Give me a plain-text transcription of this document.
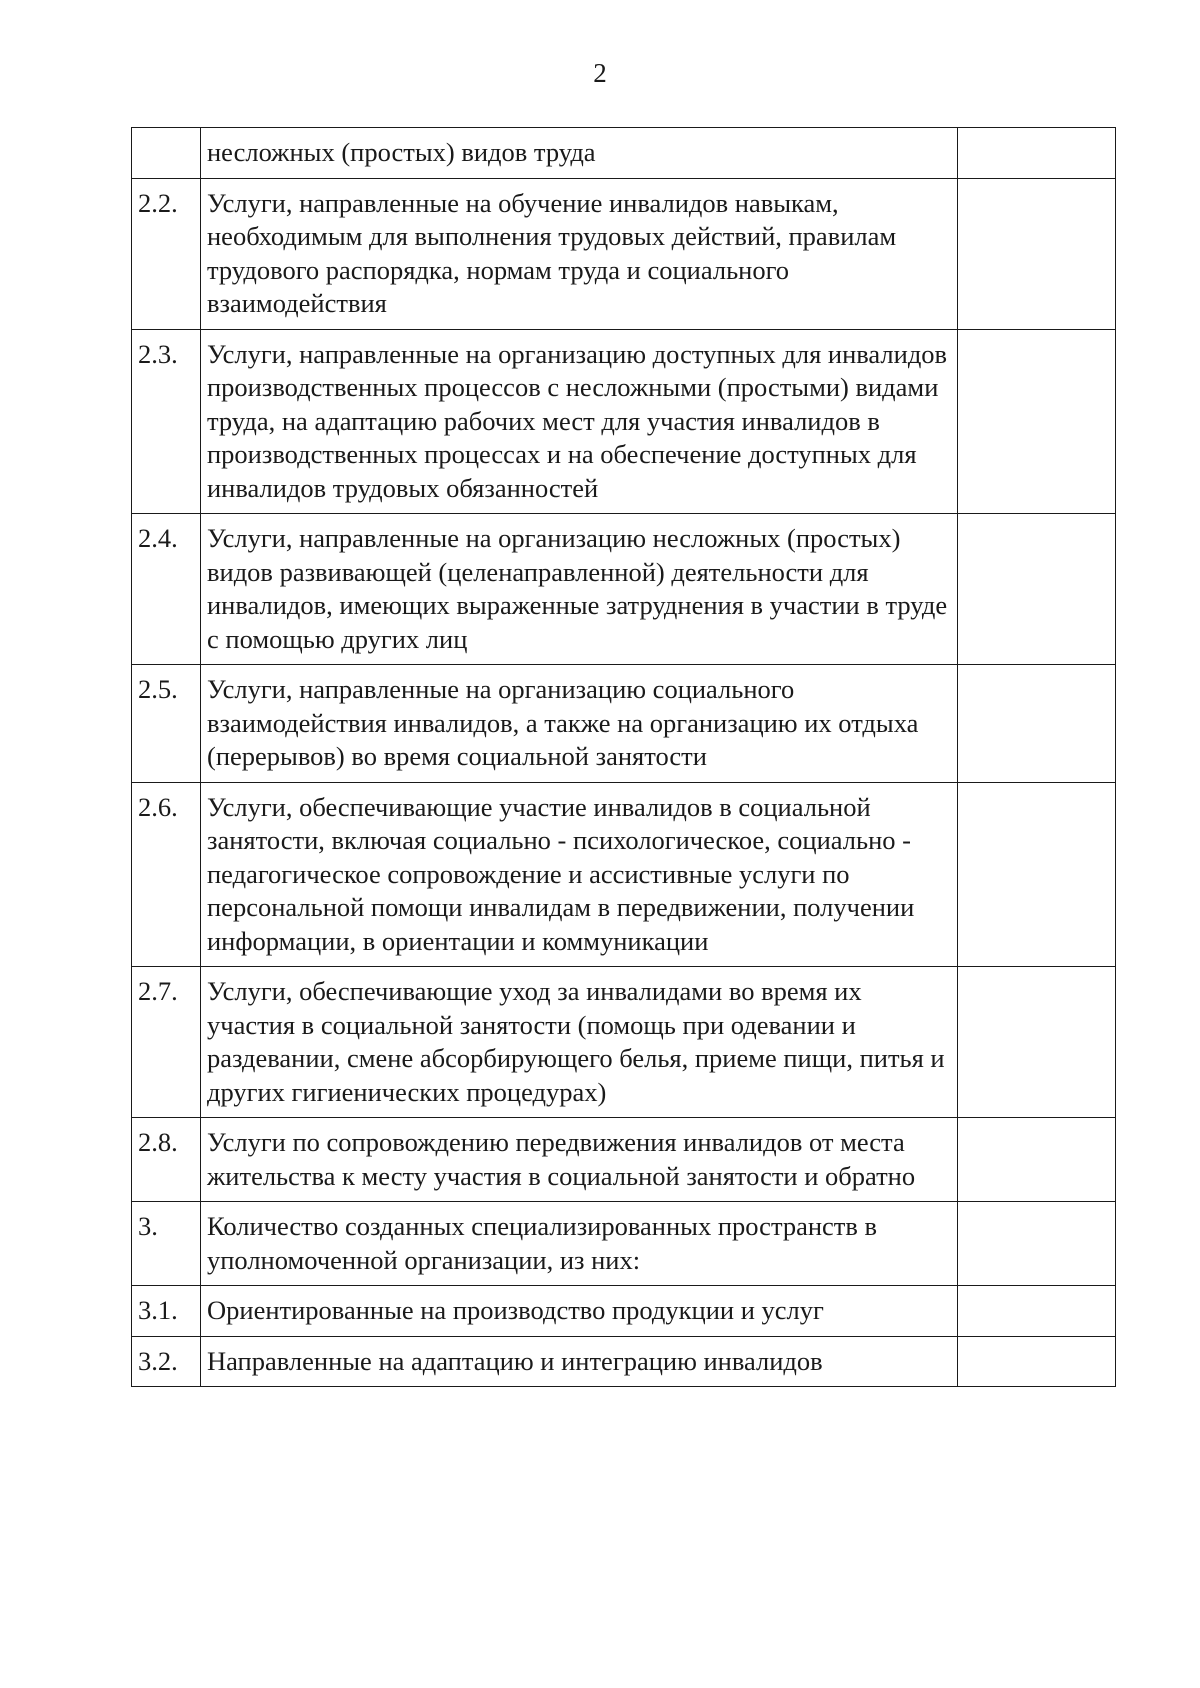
2
	несложных (простых) видов труда	
2.2.	Услуги, направленные на обучение инвалидов навыкам, необходимым для выполнения трудовых действий, правилам трудового распорядка, нормам труда и социального взаимодействия	
2.3.	Услуги, направленные на организацию доступных для инвалидов производственных процессов с несложными (простыми) видами труда, на адаптацию рабочих мест для участия инвалидов в производственных процессах и на обеспечение доступных для инвалидов трудовых обязанностей	
2.4.	Услуги, направленные на организацию несложных (простых) видов развивающей (целенаправленной) деятельности для инвалидов, имеющих выраженные затруднения в участии в труде с помощью других лиц	
2.5.	Услуги, направленные на организацию социального взаимодействия инвалидов, а также на организацию их отдыха (перерывов) во время социальной занятости	
2.6.	Услуги, обеспечивающие участие инвалидов в социальной занятости, включая социально - психологическое, социально - педагогическое сопровождение и ассистивные услуги по персональной помощи инвалидам в передвижении, получении информации, в ориентации и коммуникации	
2.7.	Услуги, обеспечивающие уход за инвалидами во время их участия в социальной занятости (помощь при одевании и раздевании, смене абсорбирующего белья, приеме пищи, питья и других гигиенических процедурах)	
2.8.	Услуги по сопровождению передвижения инвалидов от места жительства к месту участия в социальной занятости и обратно	
3.	Количество созданных специализированных пространств в уполномоченной организации, из них:	
3.1.	Ориентированные на производство продукции и услуг	
3.2.	Направленные на адаптацию и интеграцию инвалидов	
